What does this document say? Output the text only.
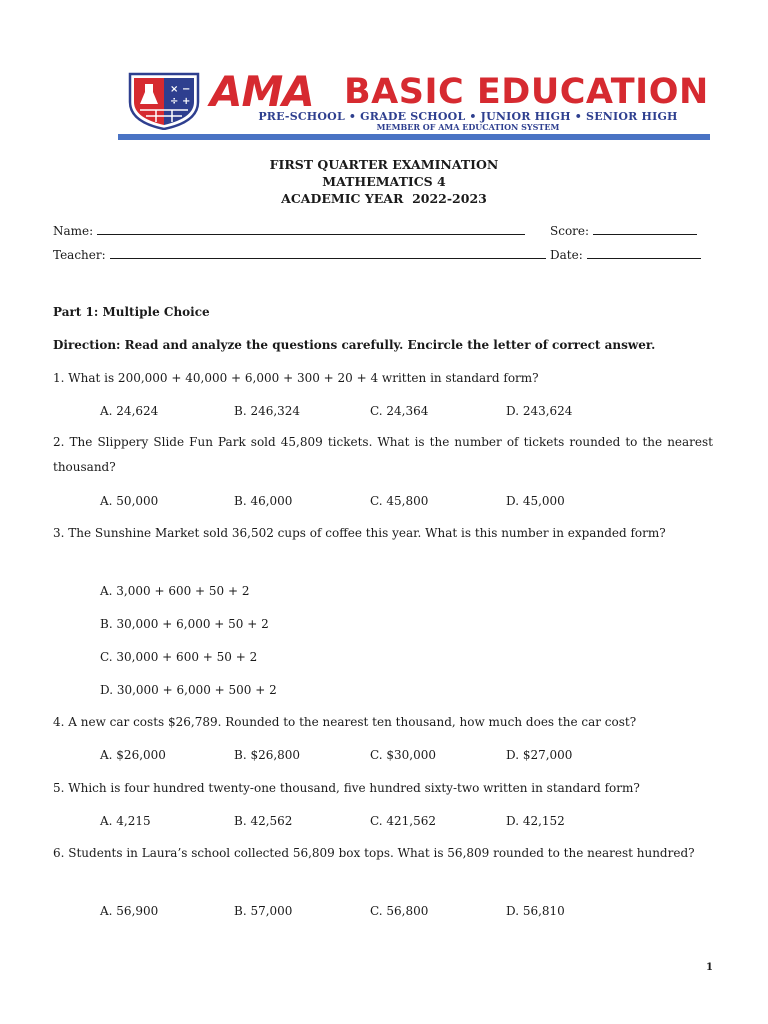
× −
÷ + AMA BASIC EDUCATION
PRE-SCHOOL • GRADE SCHOOL • JUNIOR HIGH • SENIOR HIGH
MEMBER OF AMA EDUCATION SYSTEM
FIRST QUARTER EXAMINATION
MATHEMATICS 4
ACADEMIC YEAR  2022-2023
Name:	Score:
Teacher:	Date:
Part 1: Multiple Choice
Direction: Read and analyze the questions carefully. Encircle the letter of correct answer.
1. What is 200,000 + 40,000 + 6,000 + 300 + 20 + 4 written in standard form?
A. 24,624	B. 246,324	C. 24,364	D. 243,624
2. The Slippery Slide Fun Park sold 45,809 tickets. What is the number of tickets rounded to the nearest thousand?
A. 50,000	B. 46,000	C. 45,800	D. 45,000
3. The Sunshine Market sold 36,502 cups of coffee this year. What is this number in expanded form?
A. 3,000 + 600 + 50 + 2
B. 30,000 + 6,000 + 50 + 2
C. 30,000 + 600 + 50 + 2
D. 30,000 + 6,000 + 500 + 2
4. A new car costs $26,789. Rounded to the nearest ten thousand, how much does the car cost?
A. $26,000	B. $26,800	C. $30,000	D. $27,000
5. Which is four hundred twenty-one thousand, five hundred sixty-two written in standard form?
A. 4,215	B. 42,562	C. 421,562	D. 42,152
6. Students in Laura’s school collected 56,809 box tops. What is 56,809 rounded to the nearest hundred?
A. 56,900	B. 57,000	C. 56,800	D. 56,810
1
